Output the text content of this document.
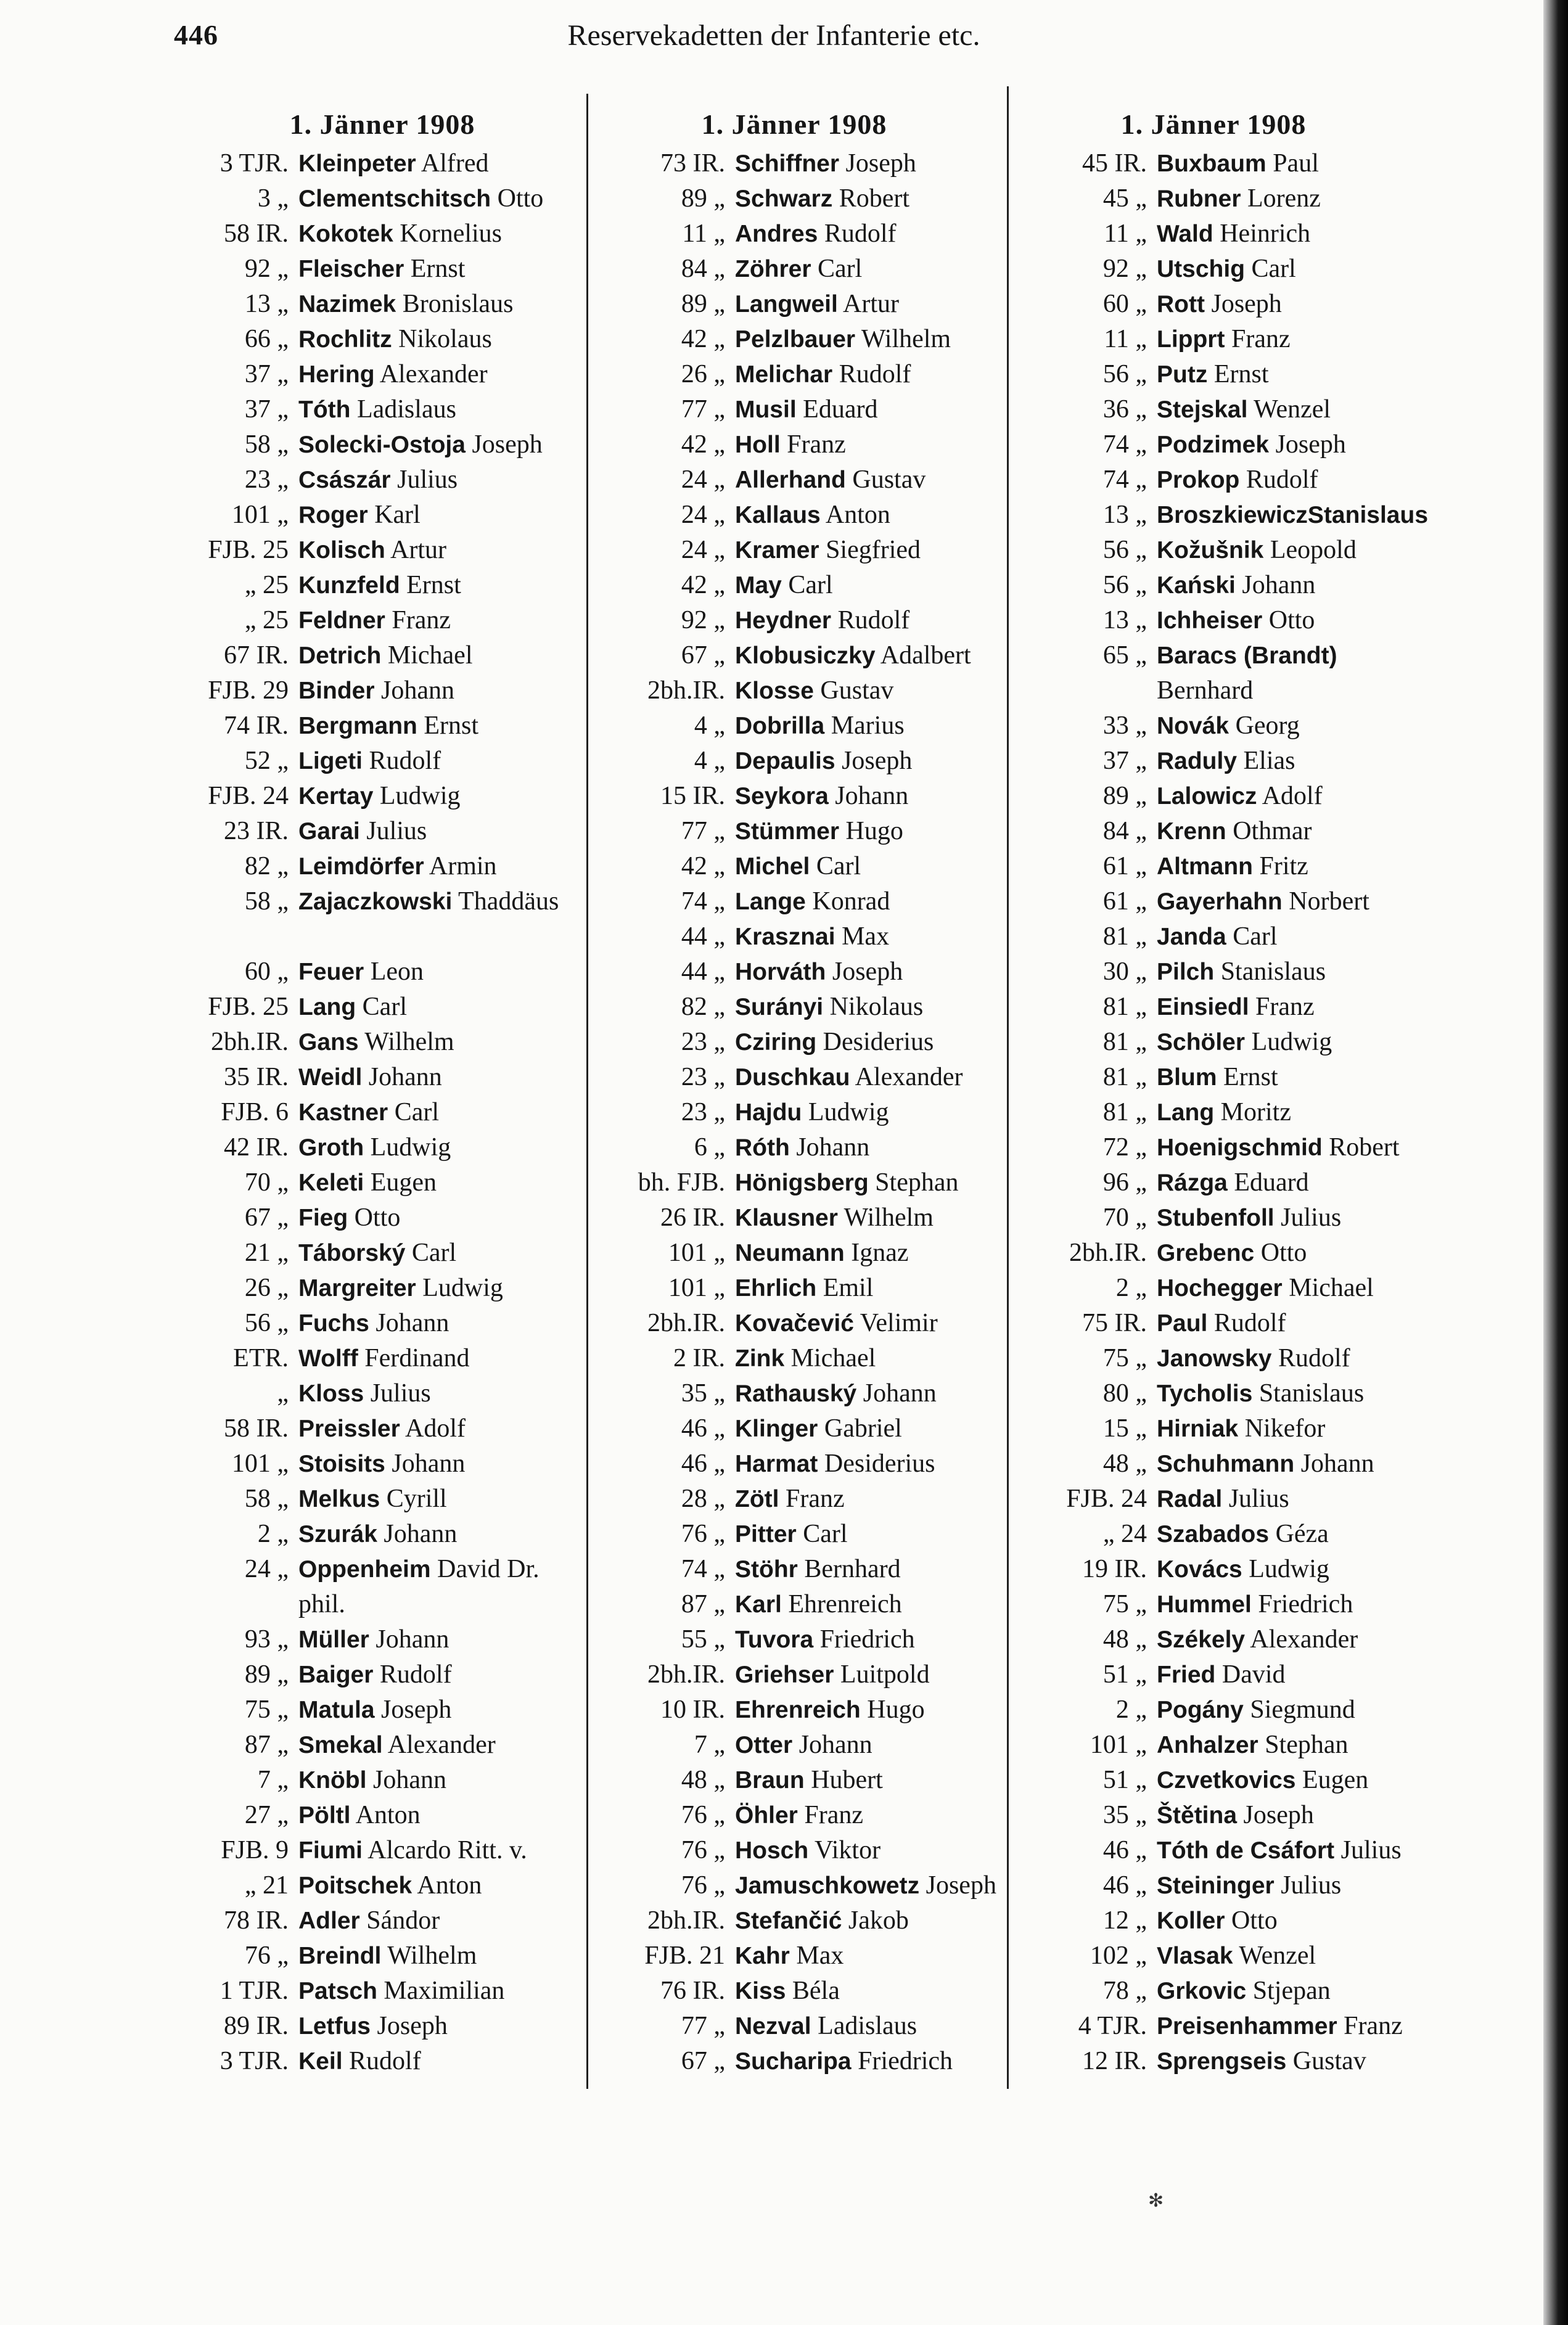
446	Reservekadetten der Infanterie etc.
1. Jänner 1908
3 TJR. Kleinpeter Alfred
3 „ Clementschitsch Otto
58 IR. Kokotek Kornelius
92 „ Fleischer Ernst
13 „ Nazimek Bronislaus
66 „ Rochlitz Nikolaus
37 „ Hering Alexander
37 „ Tóth Ladislaus
58 „ Solecki-Ostoja Joseph
23 „ Császár Julius
101 „ Roger Karl
FJB. 25 Kolisch Artur
„ 25 Kunzfeld Ernst
„ 25 Feldner Franz
67 IR. Detrich Michael
FJB. 29 Binder Johann
74 IR. Bergmann Ernst
52 „ Ligeti Rudolf
FJB. 24 Kertay Ludwig
23 IR. Garai Julius
82 „ Leimdörfer Armin
58 „ Zajaczkowski Thaddäus
60 „ Feuer Leon
FJB. 25 Lang Carl
2bh.IR. Gans Wilhelm
35 IR. Weidl Johann
FJB. 6 Kastner Carl
42 IR. Groth Ludwig
70 „ Keleti Eugen
67 „ Fieg Otto
21 „ Táborský Carl
26 „ Margreiter Ludwig
56 „ Fuchs Johann
ETR. Wolff Ferdinand
„ Kloss Julius
58 IR. Preissler Adolf
101 „ Stoisits Johann
58 „ Melkus Cyrill
2 „ Szurák Johann
24 „ Oppenheim David Dr. phil.
93 „ Müller Johann
89 „ Baiger Rudolf
75 „ Matula Joseph
87 „ Smekal Alexander
7 „ Knöbl Johann
27 „ Pöltl Anton
FJB. 9 Fiumi Alcardo Ritt. v.
„ 21 Poitschek Anton
78 IR. Adler Sándor
76 „ Breindl Wilhelm
1 TJR. Patsch Maximilian
89 IR. Letfus Joseph
3 TJR. Keil Rudolf
1. Jänner 1908
73 IR. Schiffner Joseph
89 „ Schwarz Robert
11 „ Andres Rudolf
84 „ Zöhrer Carl
89 „ Langweil Artur
42 „ Pelzlbauer Wilhelm
26 „ Melichar Rudolf
77 „ Musil Eduard
42 „ Holl Franz
24 „ Allerhand Gustav
24 „ Kallaus Anton
24 „ Kramer Siegfried
42 „ May Carl
92 „ Heydner Rudolf
67 „ Klobusiczky Adalbert
2bh.IR. Klosse Gustav
4 „ Dobrilla Marius
4 „ Depaulis Joseph
15 IR. Seykora Johann
77 „ Stümmer Hugo
42 „ Michel Carl
74 „ Lange Konrad
44 „ Krasznai Max
44 „ Horváth Joseph
82 „ Surányi Nikolaus
23 „ Cziring Desiderius
23 „ Duschkau Alexander
23 „ Hajdu Ludwig
6 „ Róth Johann
bh. FJB. Hönigsberg Stephan
26 IR. Klausner Wilhelm
101 „ Neumann Ignaz
101 „ Ehrlich Emil
2bh.IR. Kovačević Velimir
2 IR. Zink Michael
35 „ Rathauský Johann
46 „ Klinger Gabriel
46 „ Harmat Desiderius
28 „ Zötl Franz
76 „ Pitter Carl
74 „ Stöhr Bernhard
87 „ Karl Ehrenreich
55 „ Tuvora Friedrich
2bh.IR. Griehser Luitpold
10 IR. Ehrenreich Hugo
7 „ Otter Johann
48 „ Braun Hubert
76 „ Öhler Franz
76 „ Hosch Viktor
76 „ Jamuschkowetz Joseph
2bh.IR. Stefančić Jakob
FJB. 21 Kahr Max
76 IR. Kiss Béla
77 „ Nezval Ladislaus
67 „ Sucharipa Friedrich
1. Jänner 1908
45 IR. Buxbaum Paul
45 „ Rubner Lorenz
11 „ Wald Heinrich
92 „ Utschig Carl
60 „ Rott Joseph
11 „ Lipprt Franz
56 „ Putz Ernst
36 „ Stejskal Wenzel
74 „ Podzimek Joseph
74 „ Prokop Rudolf
13 „ BroszkiewiczStanislaus
56 „ Kožušnik Leopold
56 „ Kański Johann
13 „ Ichheiser Otto
65 „ Baracs (Brandt) Bernhard
33 „ Novák Georg
37 „ Raduly Elias
89 „ Lalowicz Adolf
84 „ Krenn Othmar
61 „ Altmann Fritz
61 „ Gayerhahn Norbert
81 „ Janda Carl
30 „ Pilch Stanislaus
81 „ Einsiedl Franz
81 „ Schöler Ludwig
81 „ Blum Ernst
81 „ Lang Moritz
72 „ Hoenigschmid Robert
96 „ Rázga Eduard
70 „ Stubenfoll Julius
2bh.IR. Grebenc Otto
2 „ Hochegger Michael
75 IR. Paul Rudolf
75 „ Janowsky Rudolf
80 „ Tycholis Stanislaus
15 „ Hirniak Nikefor
48 „ Schuhmann Johann
FJB. 24 Radal Julius
„ 24 Szabados Géza
19 IR. Kovács Ludwig
75 „ Hummel Friedrich
48 „ Székely Alexander
51 „ Fried David
2 „ Pogány Siegmund
101 „ Anhalzer Stephan
51 „ Czvetkovics Eugen
35 „ Štětina Joseph
46 „ Tóth de Csáfort Julius
46 „ Steininger Julius
12 „ Koller Otto
102 „ Vlasak Wenzel
78 „ Grkovic Stjepan
4 TJR. Preisenhammer Franz
12 IR. Sprengseis Gustav
✻
